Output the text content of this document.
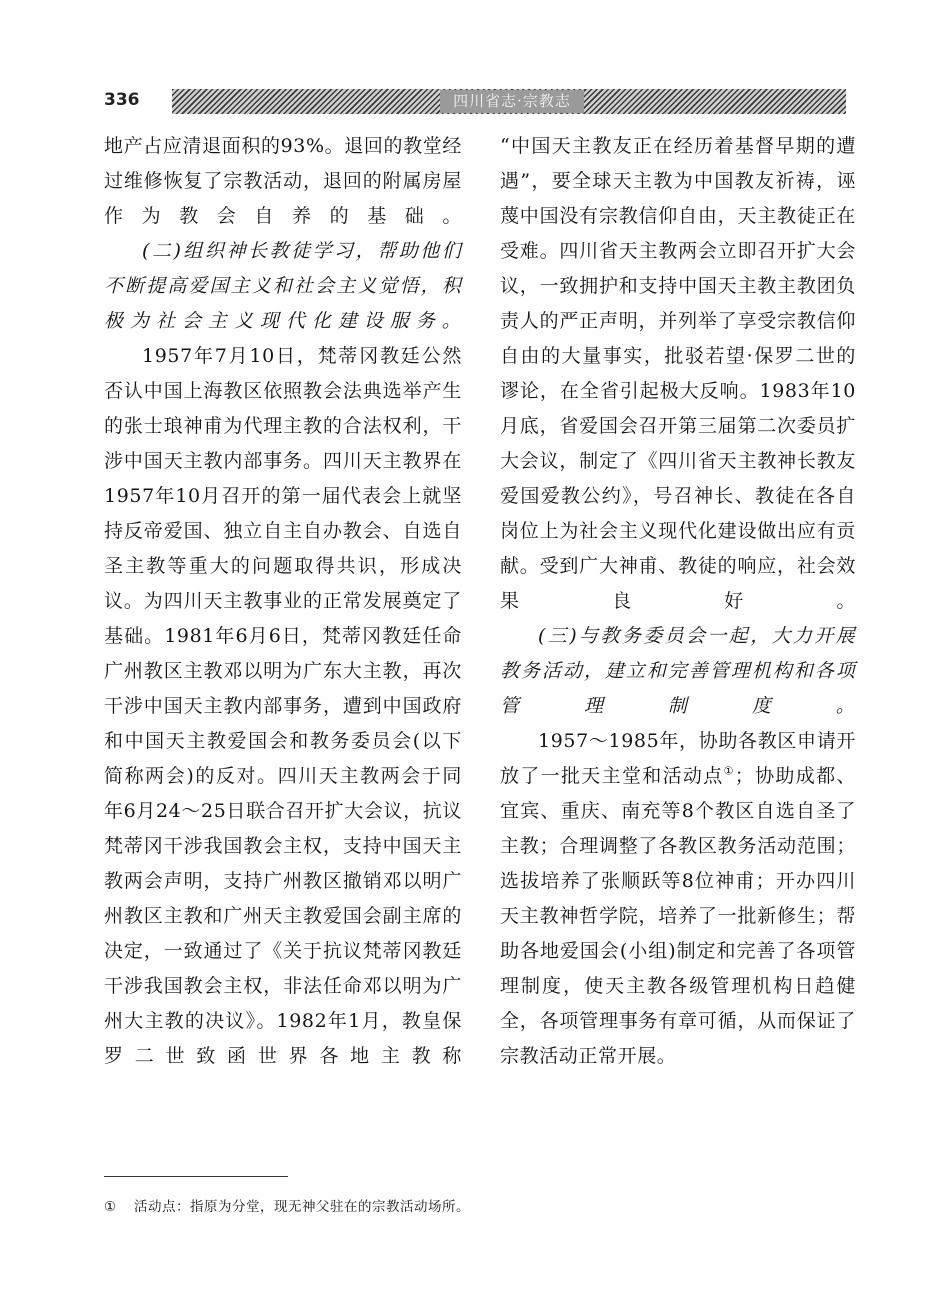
336	四川省志·宗教志

地产占应清退面积的93%。退回的教堂经过维修恢复了宗教活动，退回的附属房屋作为教会自养的基础。

(二)组织神长教徒学习，帮助他们不断提高爱国主义和社会主义觉悟，积极为社会主义现代化建设服务。

1957年7月10日，梵蒂冈教廷公然否认中国上海教区依照教会法典选举产生的张士琅神甫为代理主教的合法权利，干涉中国天主教内部事务。四川天主教界在1957年10月召开的第一届代表会上就坚持反帝爱国、独立自主自办教会、自选自圣主教等重大的问题取得共识，形成决议。为四川天主教事业的正常发展奠定了基础。1981年6月6日，梵蒂冈教廷任命广州教区主教邓以明为广东大主教，再次干涉中国天主教内部事务，遭到中国政府和中国天主教爱国会和教务委员会(以下简称两会)的反对。四川天主教两会于同年6月24～25日联合召开扩大会议，抗议梵蒂冈干涉我国教会主权，支持中国天主教两会声明，支持广州教区撤销邓以明广州教区主教和广州天主教爱国会副主席的决定，一致通过了《关于抗议梵蒂冈教廷干涉我国教会主权，非法任命邓以明为广州大主教的决议》。1982年1月，教皇保罗二世致函世界各地主教称

“中国天主教友正在经历着基督早期的遭遇”，要全球天主教为中国教友祈祷，诬蔑中国没有宗教信仰自由，天主教徒正在受难。四川省天主教两会立即召开扩大会议，一致拥护和支持中国天主教主教团负责人的严正声明，并列举了享受宗教信仰自由的大量事实，批驳若望·保罗二世的谬论，在全省引起极大反响。1983年10月底，省爱国会召开第三届第二次委员扩大会议，制定了《四川省天主教神长教友爱国爱教公约》，号召神长、教徒在各自岗位上为社会主义现代化建设做出应有贡献。受到广大神甫、教徒的响应，社会效果良好。

(三)与教务委员会一起，大力开展教务活动，建立和完善管理机构和各项管理制度。

1957～1985年，协助各教区申请开放了一批天主堂和活动点①；协助成都、宜宾、重庆、南充等8个教区自选自圣了主教；合理调整了各教区教务活动范围；选拔培养了张顺跃等8位神甫；开办四川天主教神哲学院，培养了一批新修生；帮助各地爱国会(小组)制定和完善了各项管理制度，使天主教各级管理机构日趋健全，各项管理事务有章可循，从而保证了宗教活动正常开展。

① 活动点：指原为分堂，现无神父驻在的宗教活动场所。
